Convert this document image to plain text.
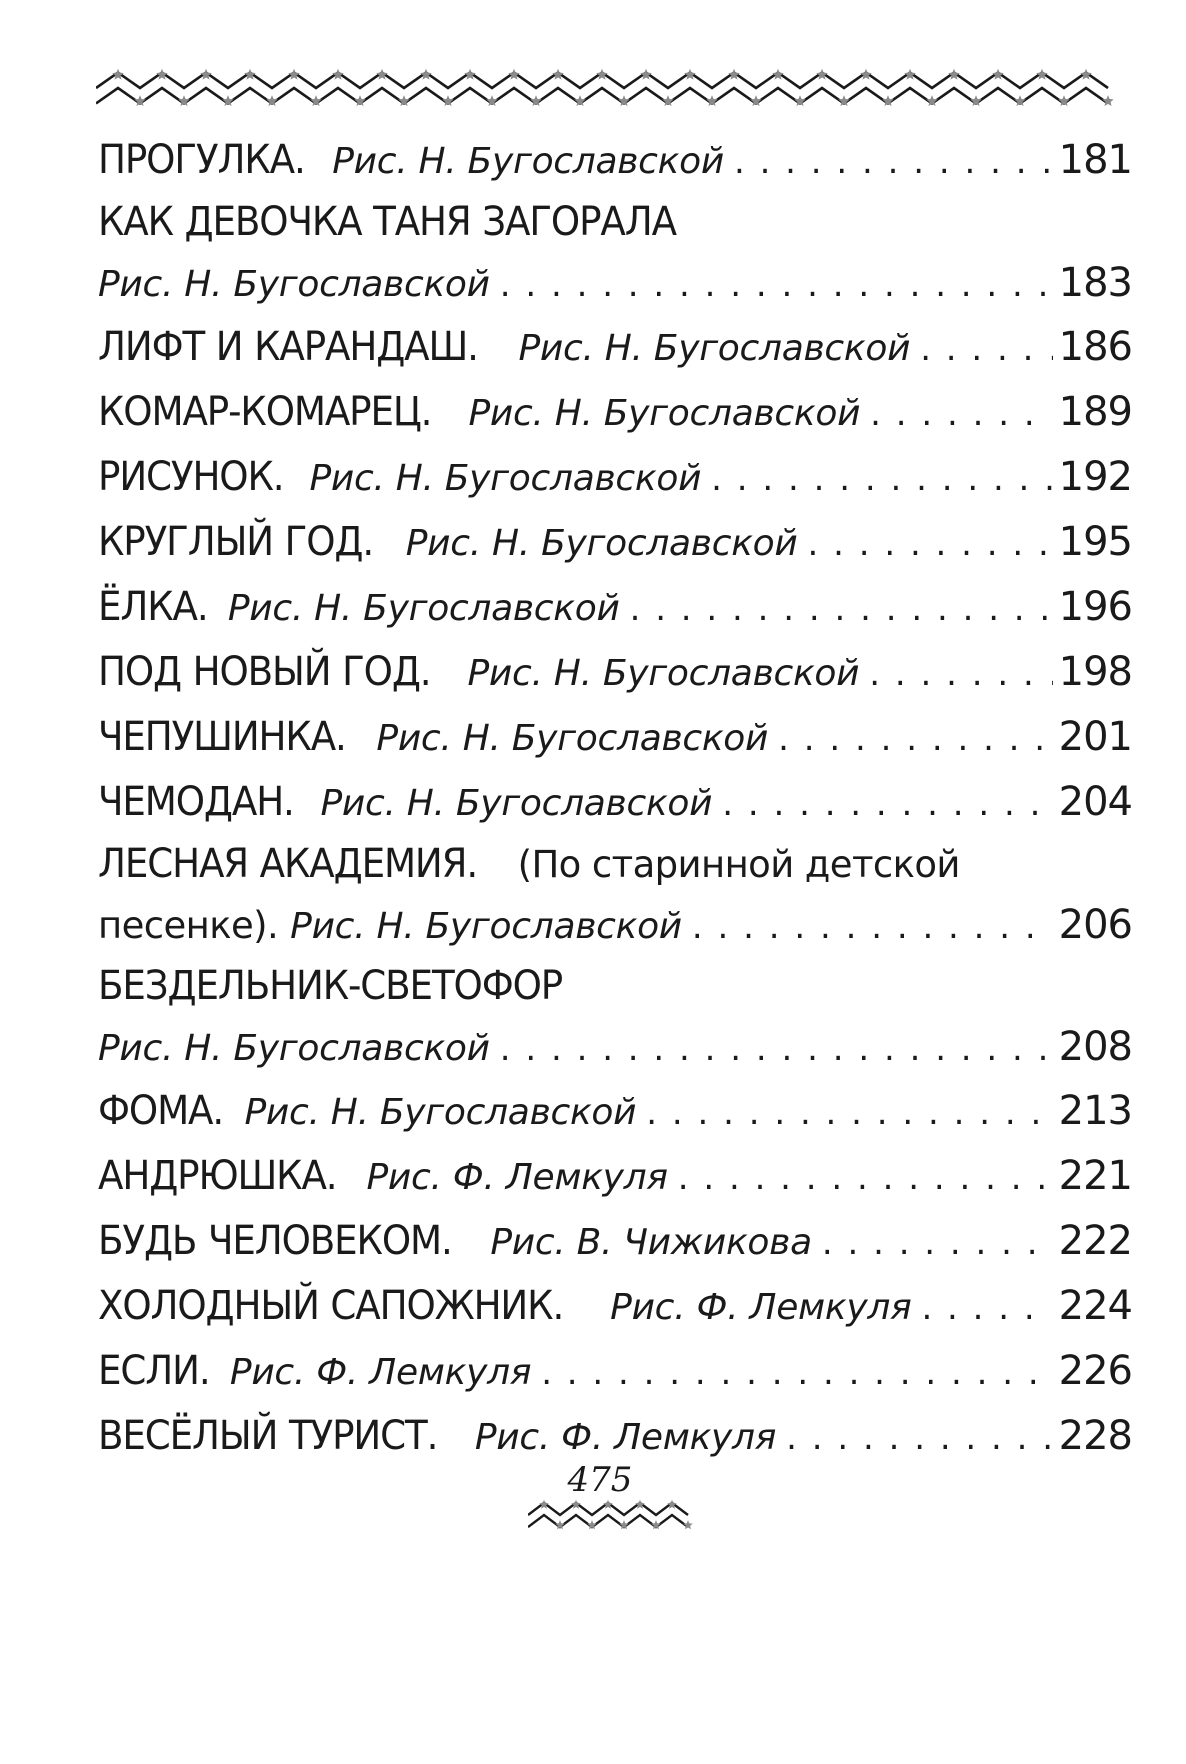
ПРОГУЛКА. Рис. Н. Бугославской . . .	181
КАК ДЕВОЧКА ТАНЯ ЗАГОРАЛА
Рис. Н. Бугославской . . .	183
ЛИФТ И КАРАНДАШ. Рис. Н. Бугославской . . .	186
КОМАР-КОМАРЕЦ. Рис. Н. Бугославской . . .	189
РИСУНОК. Рис. Н. Бугославской . . .	192
КРУГЛЫЙ ГОД. Рис. Н. Бугославской . . .	195
ЁЛКА. Рис. Н. Бугославской . . .	196
ПОД НОВЫЙ ГОД. Рис. Н. Бугославской . . .	198
ЧЕПУШИНКА. Рис. Н. Бугославской . . .	201
ЧЕМОДАН. Рис. Н. Бугославской . . .	204
ЛЕСНАЯ АКАДЕМИЯ. (По старинной детской
песенке). Рис. Н. Бугославской . . .	206
БЕЗДЕЛЬНИК-СВЕТОФОР
Рис. Н. Бугославской . . .	208
ФОМА. Рис. Н. Бугославской . . .	213
АНДРЮШКА. Рис. Ф. Лемкуля . . .	221
БУДЬ ЧЕЛОВЕКОМ. Рис. В. Чижикова . . .	222
ХОЛОДНЫЙ САПОЖНИК. Рис. Ф. Лемкуля . . .	224
ЕСЛИ. Рис. Ф. Лемкуля . . .	226
ВЕСЁЛЫЙ ТУРИСТ. Рис. Ф. Лемкуля . . .	228
475
